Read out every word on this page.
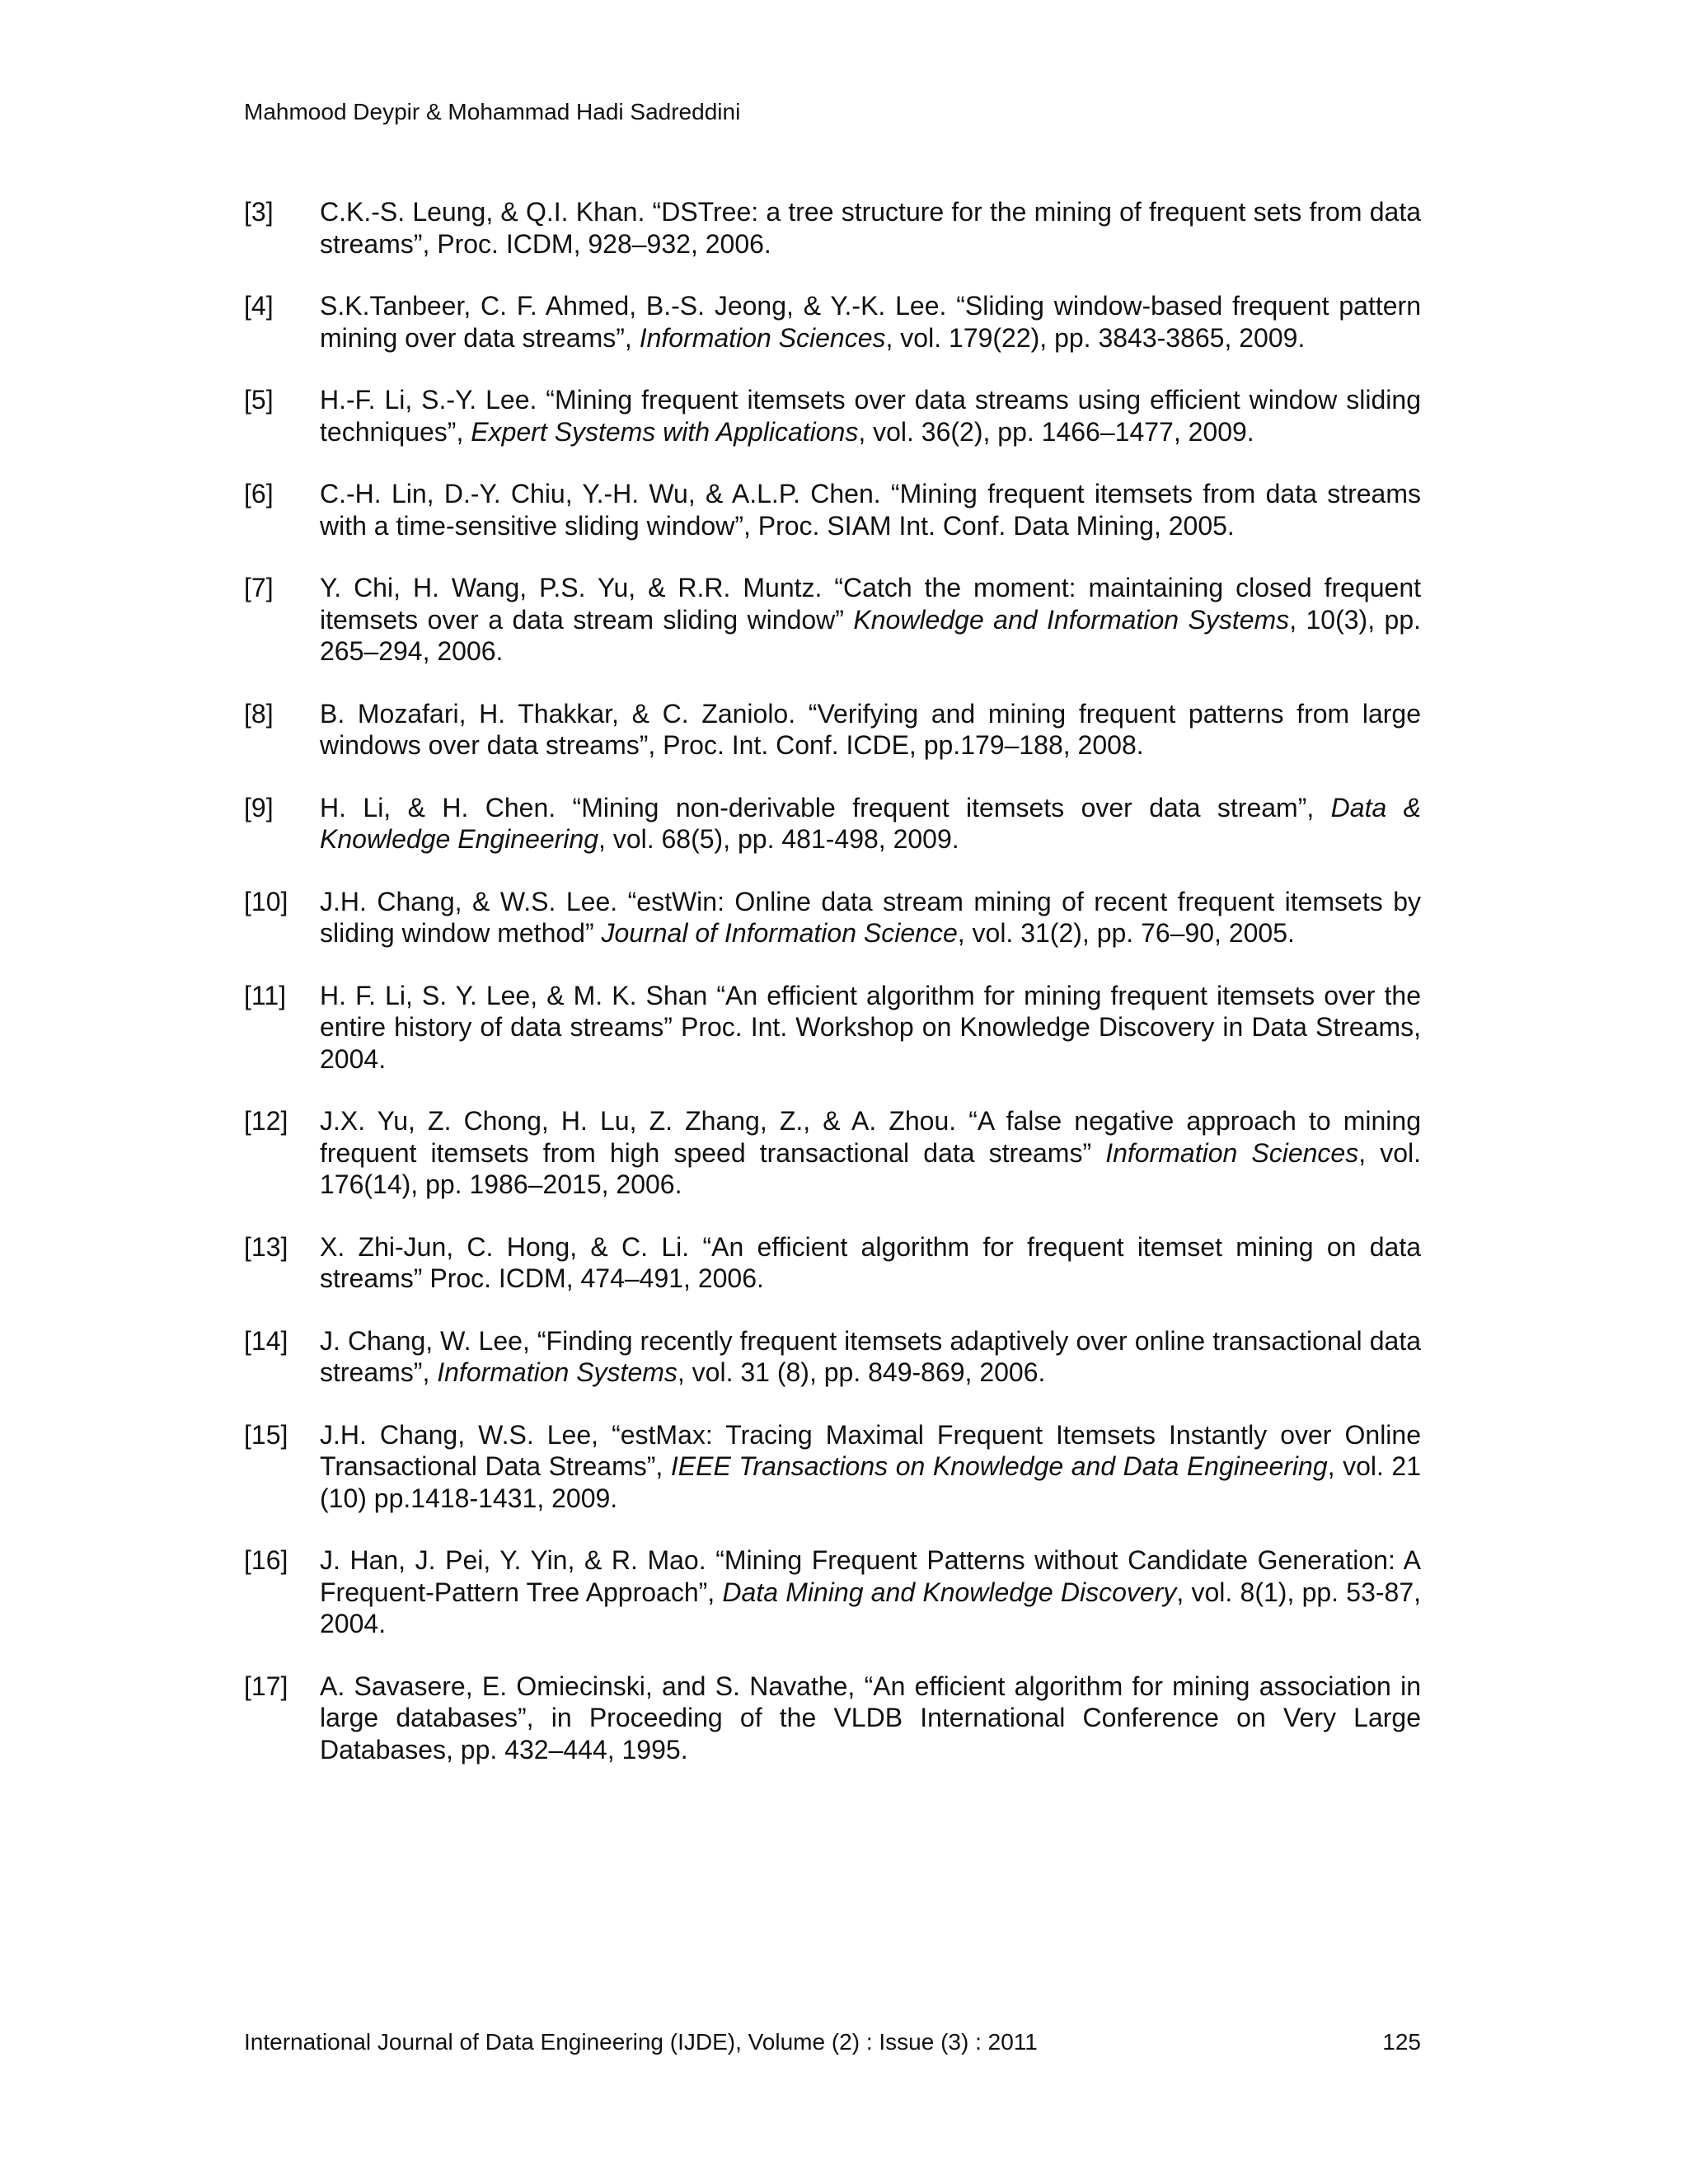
Mahmood Deypir & Mohammad Hadi Sadreddini
[3] C.K.-S. Leung, & Q.I. Khan. “DSTree: a tree structure for the mining of frequent sets from data streams”, Proc. ICDM, 928–932, 2006.
[4] S.K.Tanbeer, C. F. Ahmed, B.-S. Jeong, & Y.-K. Lee. “Sliding window-based frequent pattern mining over data streams”, Information Sciences, vol. 179(22), pp. 3843-3865, 2009.
[5] H.-F. Li, S.-Y. Lee. “Mining frequent itemsets over data streams using efficient window sliding techniques”, Expert Systems with Applications, vol. 36(2), pp. 1466–1477, 2009.
[6] C.-H. Lin, D.-Y. Chiu, Y.-H. Wu, & A.L.P. Chen. “Mining frequent itemsets from data streams with a time-sensitive sliding window”, Proc. SIAM Int. Conf. Data Mining, 2005.
[7] Y. Chi, H. Wang, P.S. Yu, & R.R. Muntz. “Catch the moment: maintaining closed frequent itemsets over a data stream sliding window” Knowledge and Information Systems, 10(3), pp. 265–294, 2006.
[8] B. Mozafari, H. Thakkar, & C. Zaniolo. “Verifying and mining frequent patterns from large windows over data streams”, Proc. Int. Conf. ICDE, pp.179–188, 2008.
[9] H. Li, & H. Chen. “Mining non-derivable frequent itemsets over data stream”, Data & Knowledge Engineering, vol. 68(5), pp. 481-498, 2009.
[10] J.H. Chang, & W.S. Lee. “estWin: Online data stream mining of recent frequent itemsets by sliding window method” Journal of Information Science, vol. 31(2), pp. 76–90, 2005.
[11] H. F. Li, S. Y. Lee, & M. K. Shan “An efficient algorithm for mining frequent itemsets over the entire history of data streams” Proc. Int. Workshop on Knowledge Discovery in Data Streams, 2004.
[12] J.X. Yu, Z. Chong, H. Lu, Z. Zhang, Z., & A. Zhou. “A false negative approach to mining frequent itemsets from high speed transactional data streams” Information Sciences, vol. 176(14), pp. 1986–2015, 2006.
[13] X. Zhi-Jun, C. Hong, & C. Li. “An efficient algorithm for frequent itemset mining on data streams” Proc. ICDM, 474–491, 2006.
[14] J. Chang, W. Lee, “Finding recently frequent itemsets adaptively over online transactional data streams”, Information Systems, vol. 31 (8), pp. 849-869, 2006.
[15] J.H. Chang, W.S. Lee, “estMax: Tracing Maximal Frequent Itemsets Instantly over Online Transactional Data Streams”, IEEE Transactions on Knowledge and Data Engineering, vol. 21 (10) pp.1418-1431, 2009.
[16] J. Han, J. Pei, Y. Yin, & R. Mao. “Mining Frequent Patterns without Candidate Generation: A Frequent-Pattern Tree Approach”, Data Mining and Knowledge Discovery, vol. 8(1), pp. 53-87, 2004.
[17] A. Savasere, E. Omiecinski, and S. Navathe, “An efficient algorithm for mining association in large databases”, in Proceeding of the VLDB International Conference on Very Large Databases, pp. 432–444, 1995.
International Journal of Data Engineering (IJDE), Volume (2) : Issue (3) : 2011	125
